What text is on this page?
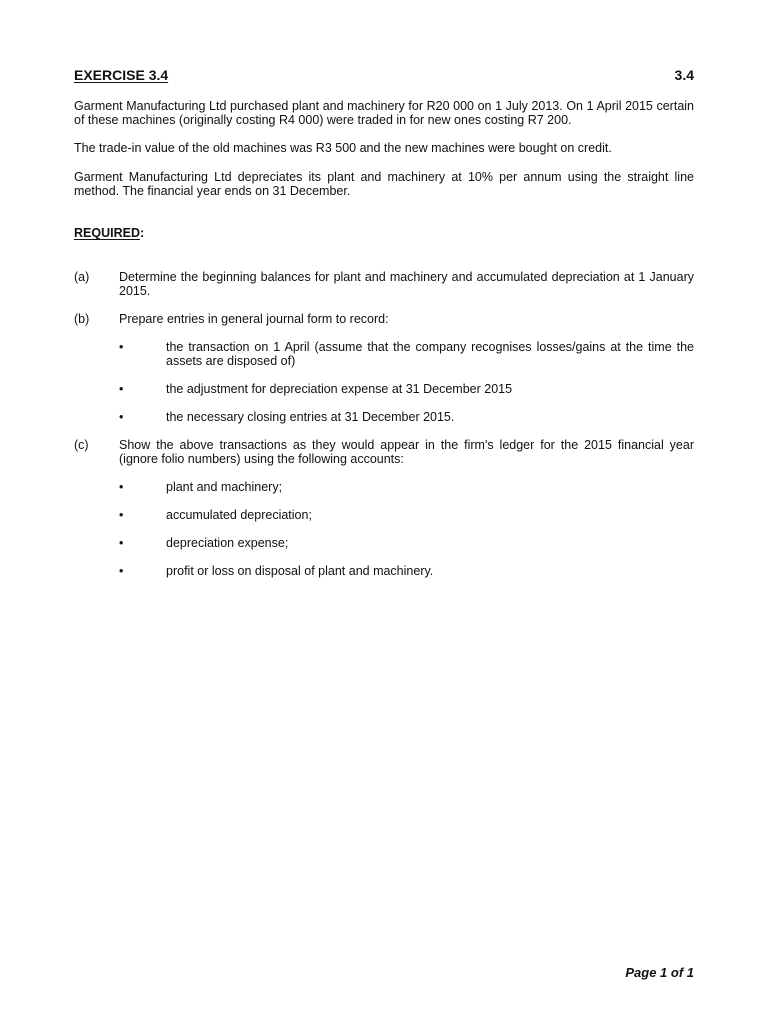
EXERCISE 3.4	3.4

Garment Manufacturing Ltd purchased plant and machinery for R20 000 on 1 July 2013. On 1 April 2015 certain of these machines (originally costing R4 000) were traded in for new ones costing R7 200.

The trade-in value of the old machines was R3 500 and the new machines were bought on credit.

Garment Manufacturing Ltd depreciates its plant and machinery at 10% per annum using the straight line method. The financial year ends on 31 December.

REQUIRED:

(a) Determine the beginning balances for plant and machinery and accumulated depreciation at 1 January 2015.
(b) Prepare entries in general journal form to record:
•	the transaction on 1 April (assume that the company recognises losses/gains at the time the assets are disposed of)
•	the adjustment for depreciation expense at 31 December 2015
•	the necessary closing entries at 31 December 2015.
(c) Show the above transactions as they would appear in the firm's ledger for the 2015 financial year (ignore folio numbers) using the following accounts:
•	plant and machinery;
•	accumulated depreciation;
•	depreciation expense;
•	profit or loss on disposal of plant and machinery.
Page 1 of 1
